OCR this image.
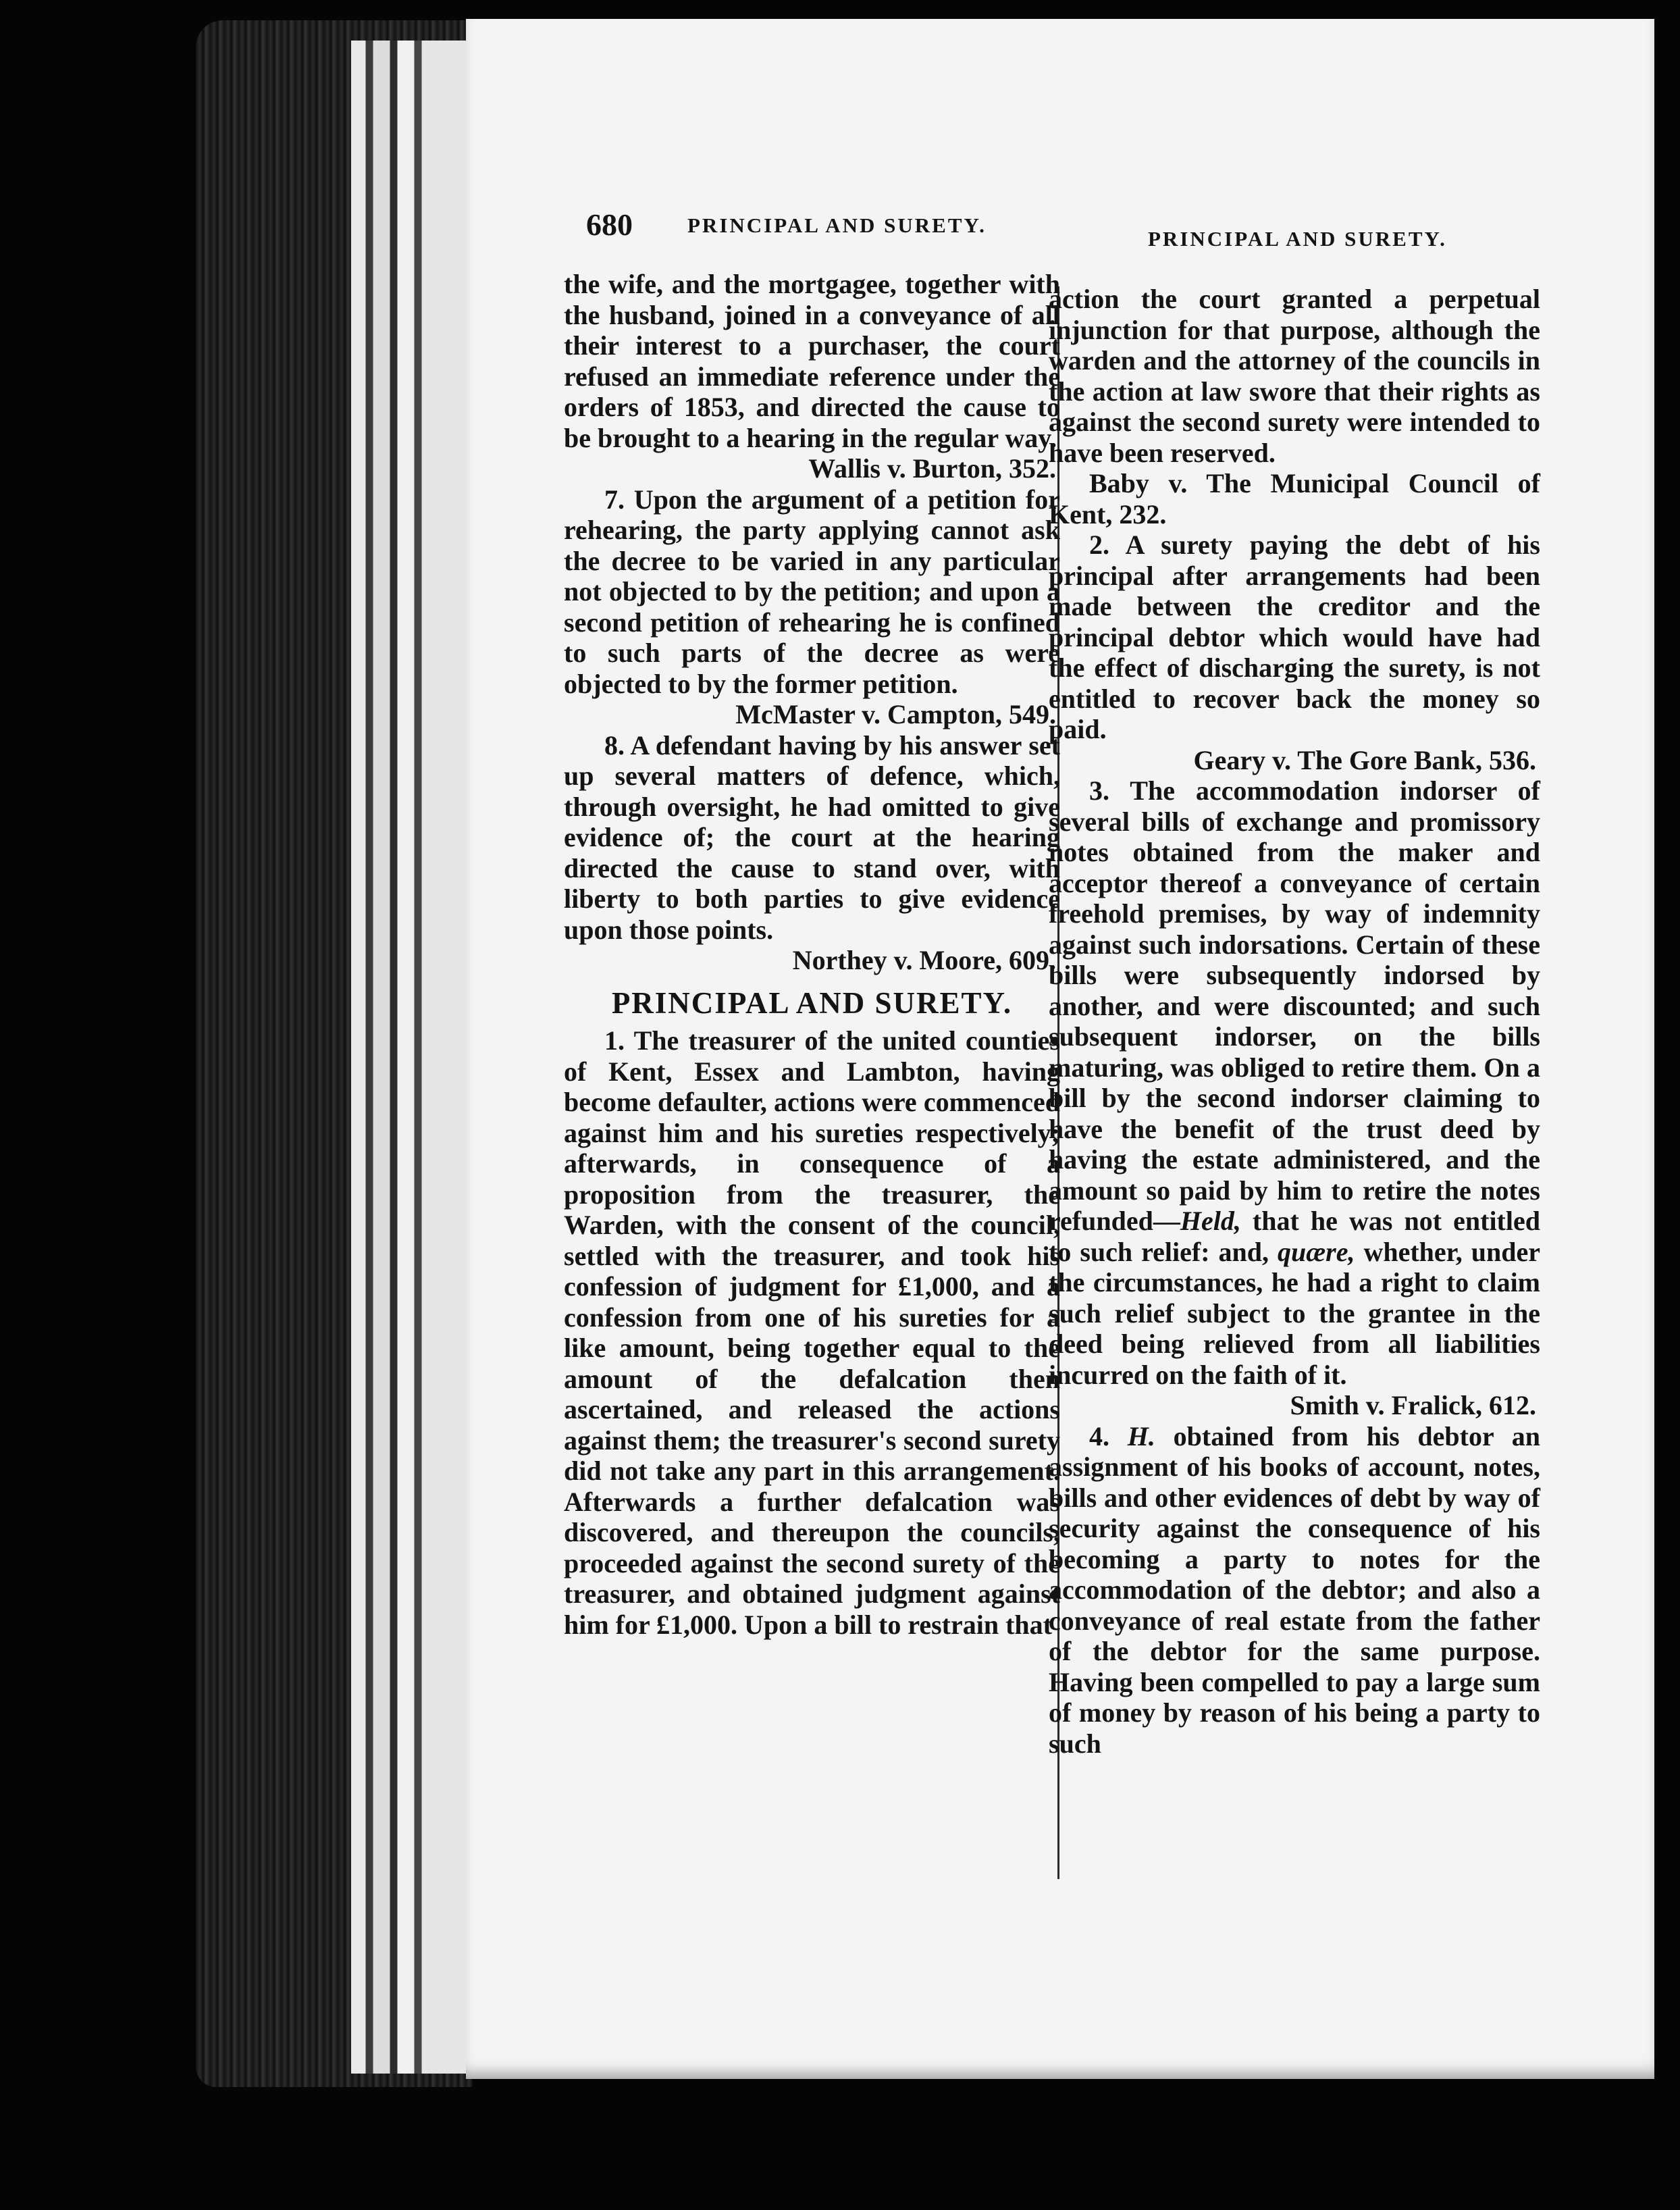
680	PRINCIPAL AND SURETY.
PRINCIPAL AND SURETY.

the wife, and the mortgagee, together with the husband, joined in a conveyance of all their interest to a purchaser, the court refused an immediate reference under the orders of 1853, and directed the cause to be brought to a hearing in the regular way.

Wallis v. Burton, 352.

7. Upon the argument of a petition for rehearing, the party applying cannot ask the decree to be varied in any particular not objected to by the petition; and upon a second petition of rehearing he is confined to such parts of the decree as were objected to by the former petition.

McMaster v. Campton, 549.

8. A defendant having by his answer set up several matters of defence, which, through oversight, he had omitted to give evidence of; the court at the hearing directed the cause to stand over, with liberty to both parties to give evidence upon those points.

Northey v. Moore, 609.

PRINCIPAL AND SURETY.

1. The treasurer of the united counties of Kent, Essex and Lambton, having become defaulter, actions were commenced against him and his sureties respectively; afterwards, in consequence of a proposition from the treasurer, the Warden, with the consent of the council, settled with the treasurer, and took his confession of judgment for £1,000, and a confession from one of his sureties for a like amount, being together equal to the amount of the defalcation then ascertained, and released the actions against them; the treasurer's second surety did not take any part in this arrangement. Afterwards a further defalcation was discovered, and thereupon the councils, proceeded against the second surety of the treasurer, and obtained judgment against him for £1,000. Upon a bill to restrain that

action the court granted a perpetual injunction for that purpose, although the warden and the attorney of the councils in the action at law swore that their rights as against the second surety were intended to have been reserved.

Baby v. The Municipal Council of Kent, 232.

2. A surety paying the debt of his principal after arrangements had been made between the creditor and the principal debtor which would have had the effect of discharging the surety, is not entitled to recover back the money so paid.

Geary v. The Gore Bank, 536.

3. The accommodation indorser of several bills of exchange and promissory notes obtained from the maker and acceptor thereof a conveyance of certain freehold premises, by way of indemnity against such indorsations. Certain of these bills were subsequently indorsed by another, and were discounted; and such subsequent indorser, on the bills maturing, was obliged to retire them. On a bill by the second indorser claiming to have the benefit of the trust deed by having the estate administered, and the amount so paid by him to retire the notes refunded—Held, that he was not entitled to such relief: and, quære, whether, under the circumstances, he had a right to claim such relief subject to the grantee in the deed being relieved from all liabilities incurred on the faith of it.

Smith v. Fralick, 612.

4. H. obtained from his debtor an assignment of his books of account, notes, bills and other evidences of debt by way of security against the consequence of his becoming a party to notes for the accommodation of the debtor; and also a conveyance of real estate from the father of the debtor for the same purpose. Having been compelled to pay a large sum of money by reason of his being a party to such
